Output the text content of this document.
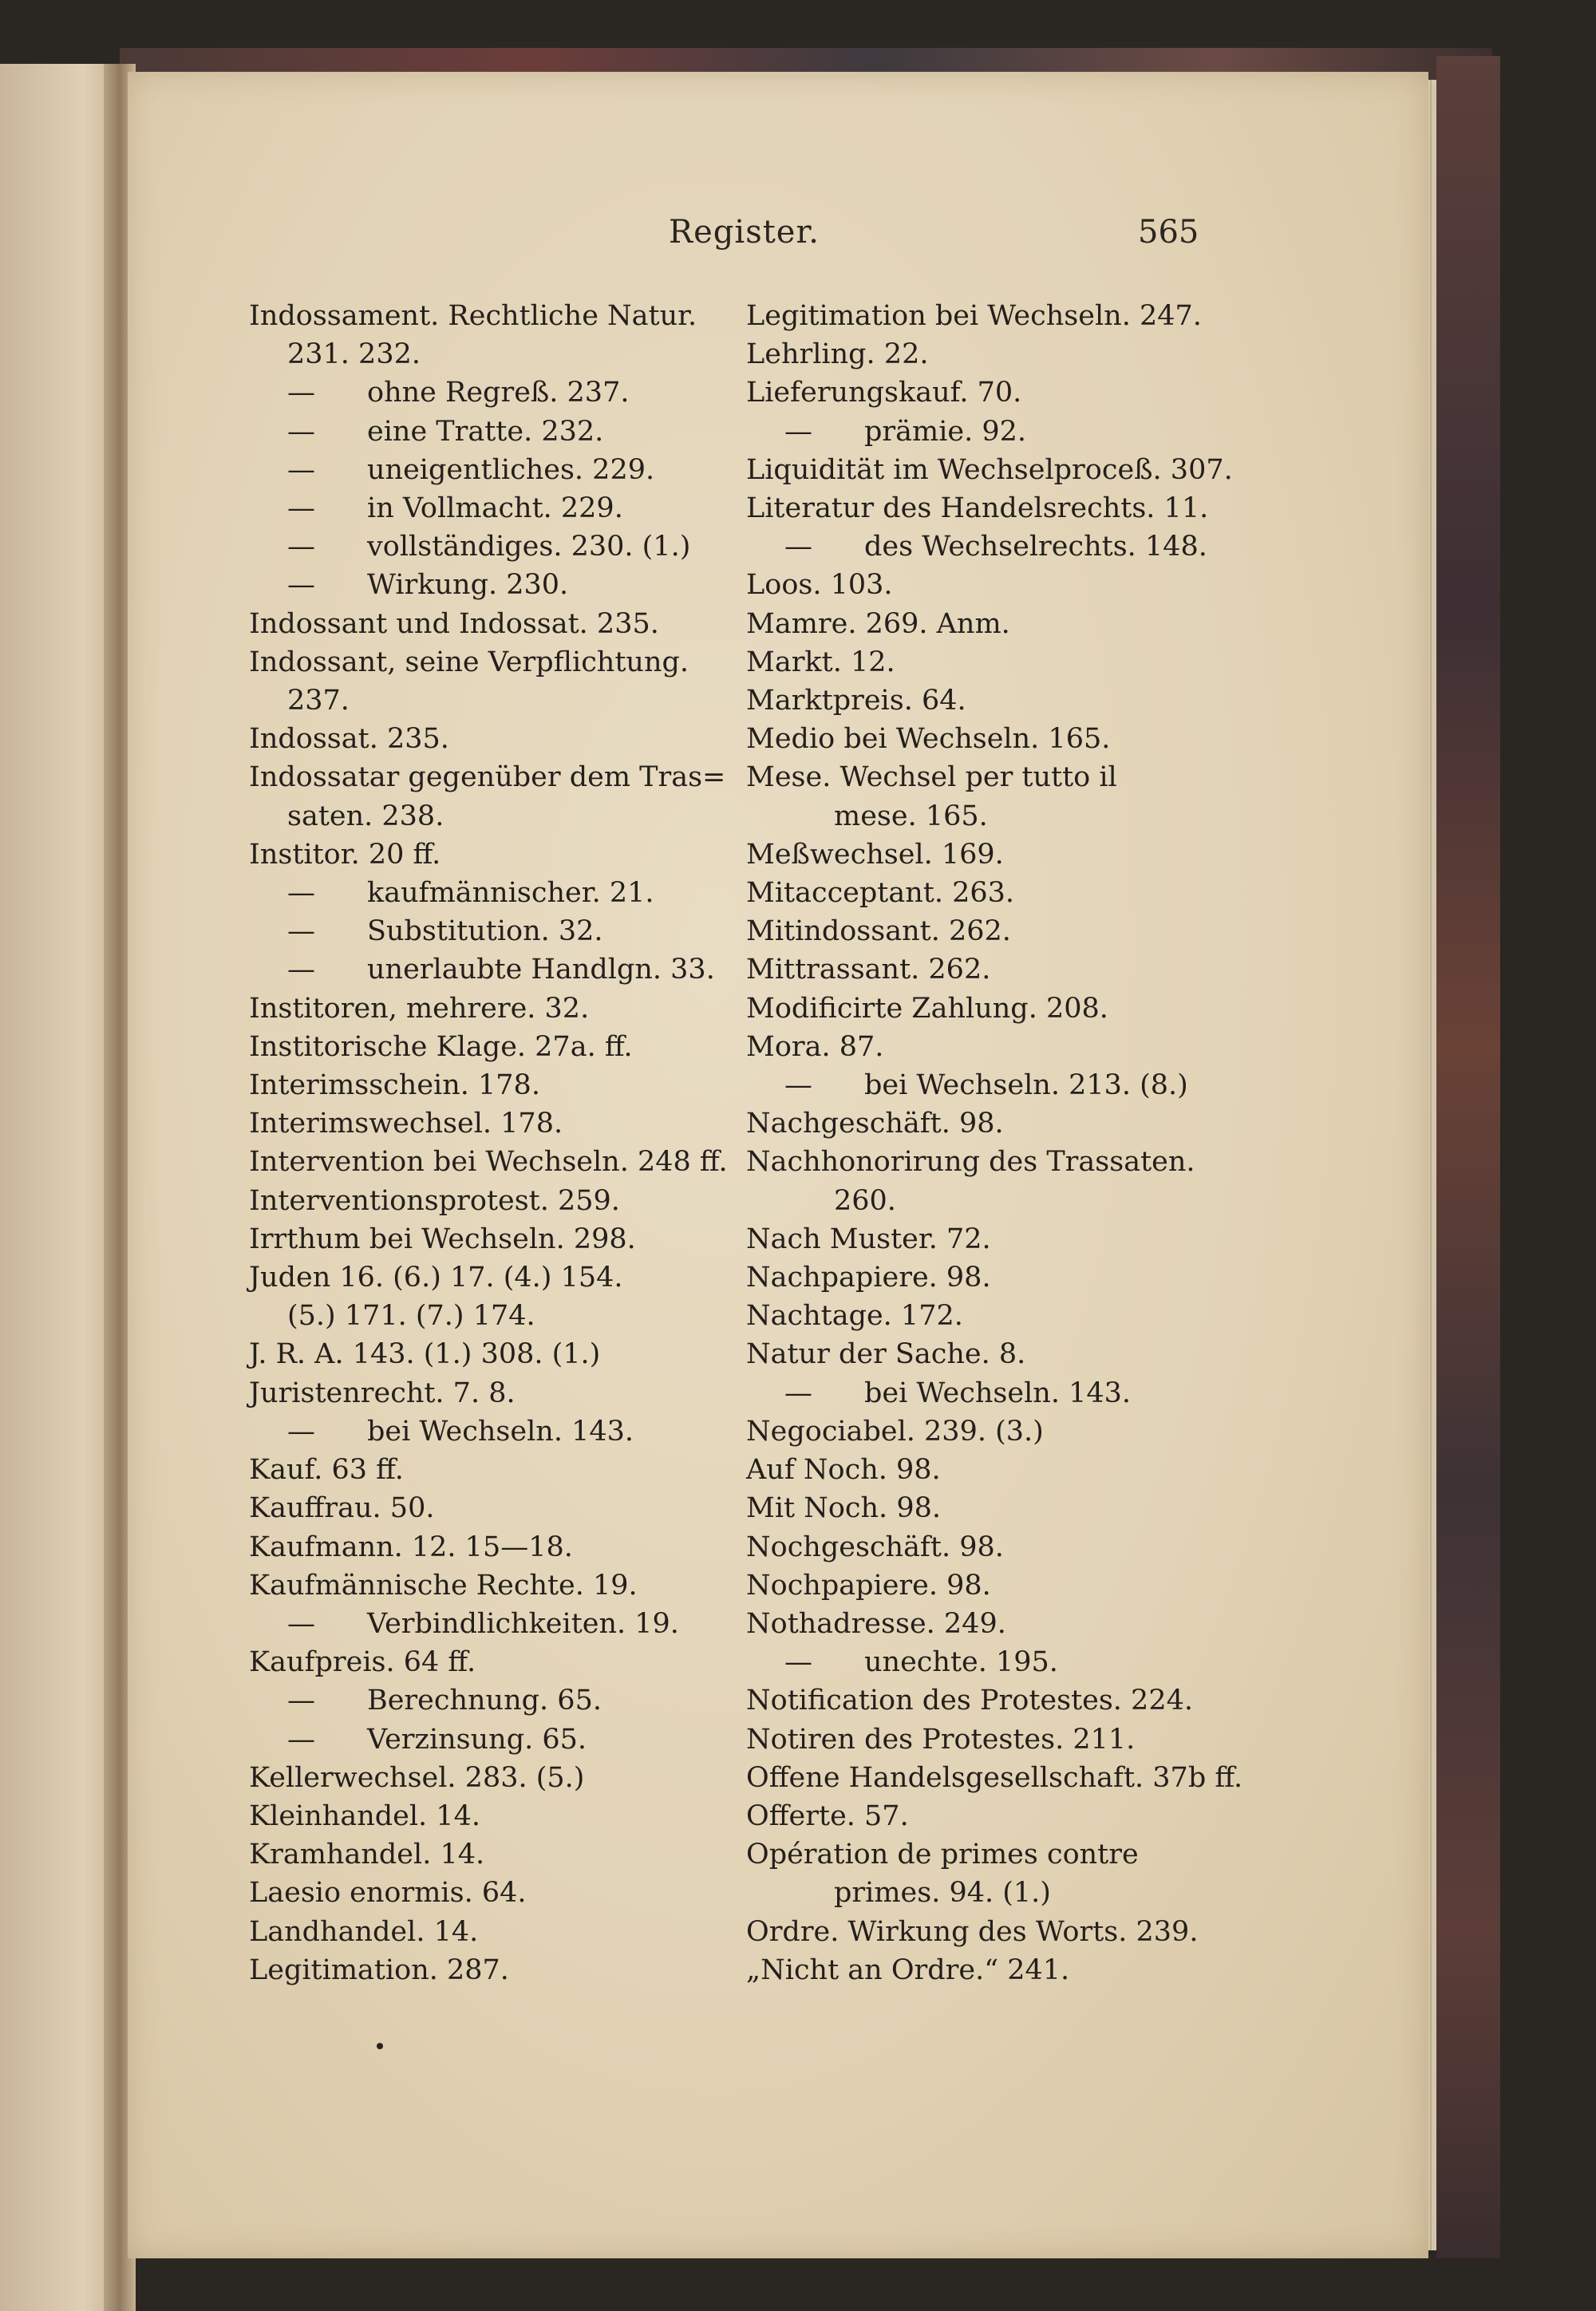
Register.	565
Indossament. Rechtliche Natur.
231. 232.
— ohne Regreß. 237.
— eine Tratte. 232.
— uneigentliches. 229.
— in Vollmacht. 229.
— vollständiges. 230. (1.)
— Wirkung. 230.
Indossant und Indossat. 235.
Indossant, seine Verpflichtung.
237.
Indossat. 235.
Indossatar gegenüber dem Tras=
saten. 238.
Institor. 20 ff.
— kaufmännischer. 21.
— Substitution. 32.
— unerlaubte Handlgn. 33.
Institoren, mehrere. 32.
Institorische Klage. 27a. ff.
Interimsschein. 178.
Interimswechsel. 178.
Intervention bei Wechseln. 248 ff.
Interventionsprotest. 259.
Irrthum bei Wechseln. 298.
Juden 16. (6.) 17. (4.) 154.
(5.) 171. (7.) 174.
J. R. A. 143. (1.) 308. (1.)
Juristenrecht. 7. 8.
— bei Wechseln. 143.
Kauf. 63 ff.
Kauffrau. 50.
Kaufmann. 12. 15—18.
Kaufmännische Rechte. 19.
— Verbindlichkeiten. 19.
Kaufpreis. 64 ff.
— Berechnung. 65.
— Verzinsung. 65.
Kellerwechsel. 283. (5.)
Kleinhandel. 14.
Kramhandel. 14.
Laesio enormis. 64.
Landhandel. 14.
Legitimation. 287.
Legitimation bei Wechseln. 247.
Lehrling. 22.
Lieferungskauf. 70.
— prämie. 92.
Liquidität im Wechselproceß. 307.
Literatur des Handelsrechts. 11.
— des Wechselrechts. 148.
Loos. 103.
Mamre. 269. Anm.
Markt. 12.
Marktpreis. 64.
Medio bei Wechseln. 165.
Mese. Wechsel per tutto il
mese. 165.
Meßwechsel. 169.
Mitacceptant. 263.
Mitindossant. 262.
Mittrassant. 262.
Modificirte Zahlung. 208.
Mora. 87.
— bei Wechseln. 213. (8.)
Nachgeschäft. 98.
Nachhonorirung des Trassaten.
260.
Nach Muster. 72.
Nachpapiere. 98.
Nachtage. 172.
Natur der Sache. 8.
— bei Wechseln. 143.
Negociabel. 239. (3.)
Auf Noch. 98.
Mit Noch. 98.
Nochgeschäft. 98.
Nochpapiere. 98.
Nothadresse. 249.
— unechte. 195.
Notification des Protestes. 224.
Notiren des Protestes. 211.
Offene Handelsgesellschaft. 37b ff.
Offerte. 57.
Opération de primes contre
primes. 94. (1.)
Ordre. Wirkung des Worts. 239.
„Nicht an Ordre.“ 241.
